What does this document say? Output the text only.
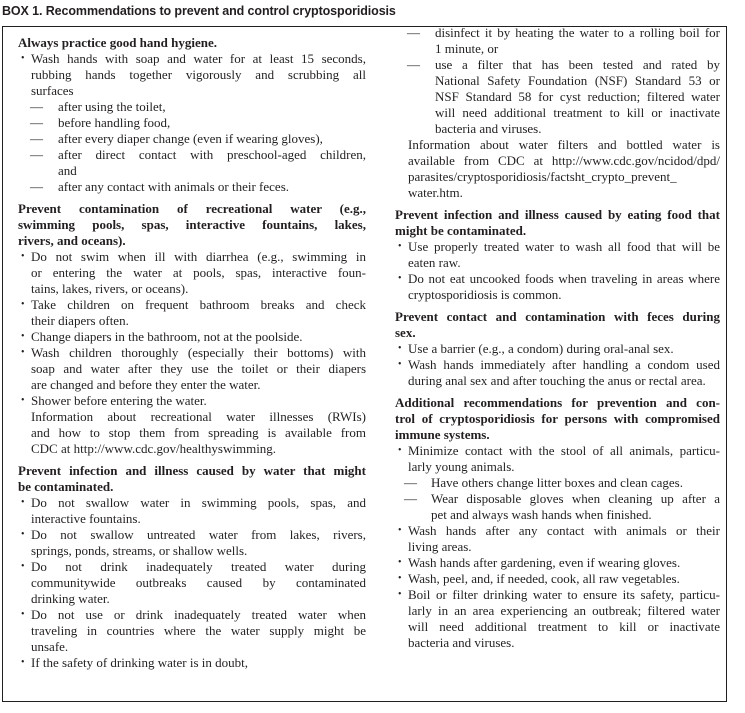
BOX 1. Recommendations to prevent and control cryptosporidiosis
Always practice good hand hygiene.
• Wash hands with soap and water for at least 15 seconds,
rubbing hands together vigorously and scrubbing all
surfaces
— after using the toilet,
— before handling food,
— after every diaper change (even if wearing gloves),
— after direct contact with preschool-aged children,
and
— after any contact with animals or their feces.
Prevent contamination of recreational water (e.g.,
swimming pools, spas, interactive fountains, lakes,
rivers, and oceans).
• Do not swim when ill with diarrhea (e.g., swimming in
or entering the water at pools, spas, interactive foun-
tains, lakes, rivers, or oceans).
• Take children on frequent bathroom breaks and check
their diapers often.
• Change diapers in the bathroom, not at the poolside.
• Wash children thoroughly (especially their bottoms) with
soap and water after they use the toilet or their diapers
are changed and before they enter the water.
• Shower before entering the water.
Information about recreational water illnesses (RWIs)
and how to stop them from spreading is available from
CDC at http://www.cdc.gov/healthyswimming.
Prevent infection and illness caused by water that might
be contaminated.
• Do not swallow water in swimming pools, spas, and
interactive fountains.
• Do not swallow untreated water from lakes, rivers,
springs, ponds, streams, or shallow wells.
• Do not drink inadequately treated water during
communitywide outbreaks caused by contaminated
drinking water.
• Do not use or drink inadequately treated water when
traveling in countries where the water supply might be
unsafe.
• If the safety of drinking water is in doubt,
— disinfect it by heating the water to a rolling boil for
1 minute, or
— use a filter that has been tested and rated by
National Safety Foundation (NSF) Standard 53 or
NSF Standard 58 for cyst reduction; filtered water
will need additional treatment to kill or inactivate
bacteria and viruses.
Information about water filters and bottled water is
available from CDC at http://www.cdc.gov/ncidod/dpd/
parasites/cryptosporidiosis/factsht_crypto_prevent_
water.htm.
Prevent infection and illness caused by eating food that
might be contaminated.
• Use properly treated water to wash all food that will be
eaten raw.
• Do not eat uncooked foods when traveling in areas where
cryptosporidiosis is common.
Prevent contact and contamination with feces during
sex.
• Use a barrier (e.g., a condom) during oral-anal sex.
• Wash hands immediately after handling a condom used
during anal sex and after touching the anus or rectal area.
Additional recommendations for prevention and con-
trol of cryptosporidiosis for persons with compromised
immune systems.
• Minimize contact with the stool of all animals, particu-
larly young animals.
— Have others change litter boxes and clean cages.
— Wear disposable gloves when cleaning up after a
pet and always wash hands when finished.
• Wash hands after any contact with animals or their
living areas.
• Wash hands after gardening, even if wearing gloves.
• Wash, peel, and, if needed, cook, all raw vegetables.
• Boil or filter drinking water to ensure its safety, particu-
larly in an area experiencing an outbreak; filtered water
will need additional treatment to kill or inactivate
bacteria and viruses.
